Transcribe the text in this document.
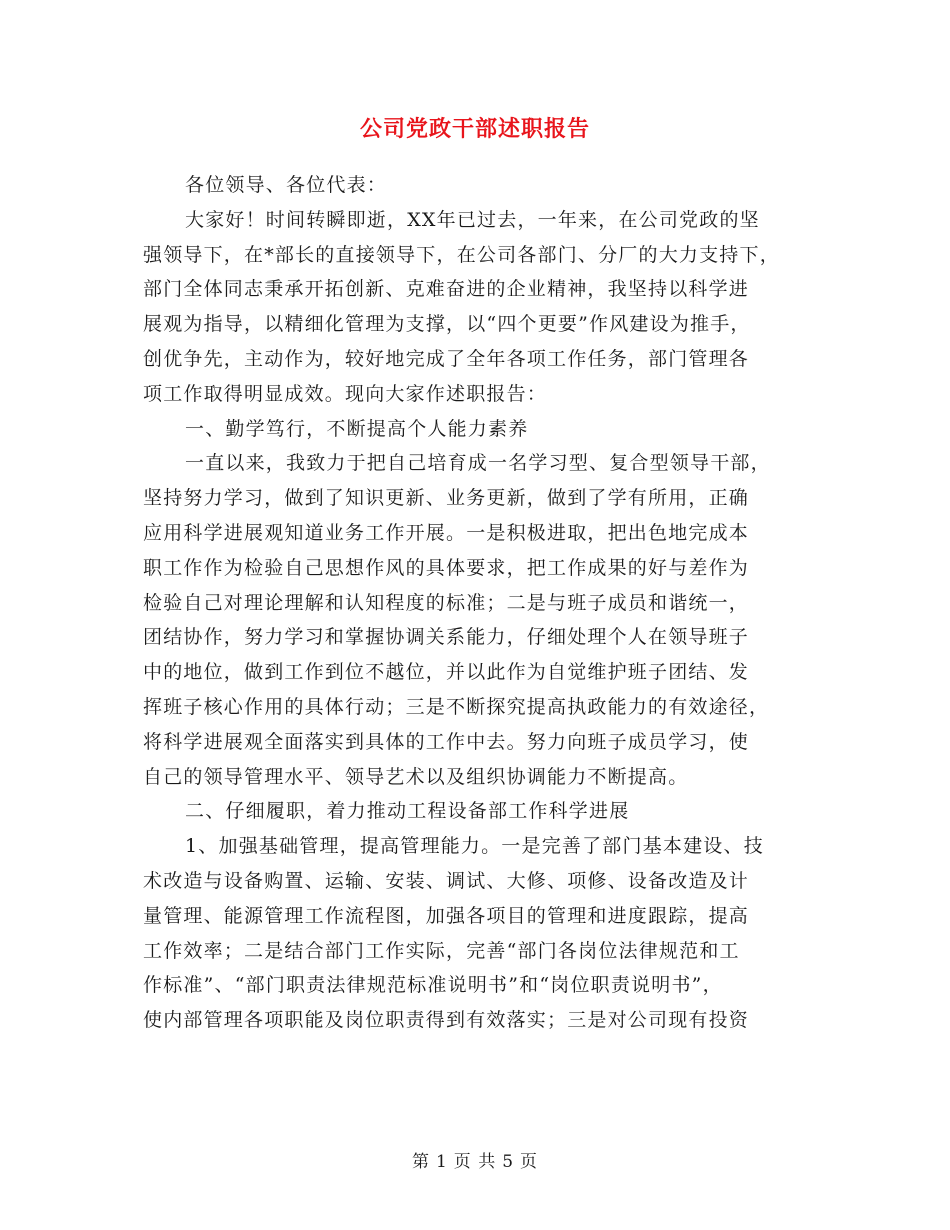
公司党政干部述职报告
各位领导、各位代表：
大家好！时间转瞬即逝，XX年已过去，一年来，在公司党政的坚
强领导下，在*部长的直接领导下，在公司各部门、分厂的大力支持下，
部门全体同志秉承开拓创新、克难奋进的企业精神，我坚持以科学进
展观为指导，以精细化管理为支撑，以“四个更要”作风建设为推手，
创优争先，主动作为，较好地完成了全年各项工作任务，部门管理各
项工作取得明显成效。现向大家作述职报告：
一、勤学笃行，不断提高个人能力素养
一直以来，我致力于把自己培育成一名学习型、复合型领导干部，
坚持努力学习，做到了知识更新、业务更新，做到了学有所用，正确
应用科学进展观知道业务工作开展。一是积极进取，把出色地完成本
职工作作为检验自己思想作风的具体要求，把工作成果的好与差作为
检验自己对理论理解和认知程度的标准；二是与班子成员和谐统一，
团结协作，努力学习和掌握协调关系能力，仔细处理个人在领导班子
中的地位，做到工作到位不越位，并以此作为自觉维护班子团结、发
挥班子核心作用的具体行动；三是不断探究提高执政能力的有效途径，
将科学进展观全面落实到具体的工作中去。努力向班子成员学习，使
自己的领导管理水平、领导艺术以及组织协调能力不断提高。
二、仔细履职，着力推动工程设备部工作科学进展
1、加强基础管理，提高管理能力。一是完善了部门基本建设、技
术改造与设备购置、运输、安装、调试、大修、项修、设备改造及计
量管理、能源管理工作流程图，加强各项目的管理和进度跟踪，提高
工作效率；二是结合部门工作实际，完善“部门各岗位法律规范和工
作标准”、“部门职责法律规范标准说明书”和“岗位职责说明书”，
使内部管理各项职能及岗位职责得到有效落实；三是对公司现有投资
第 1 页 共 5 页
